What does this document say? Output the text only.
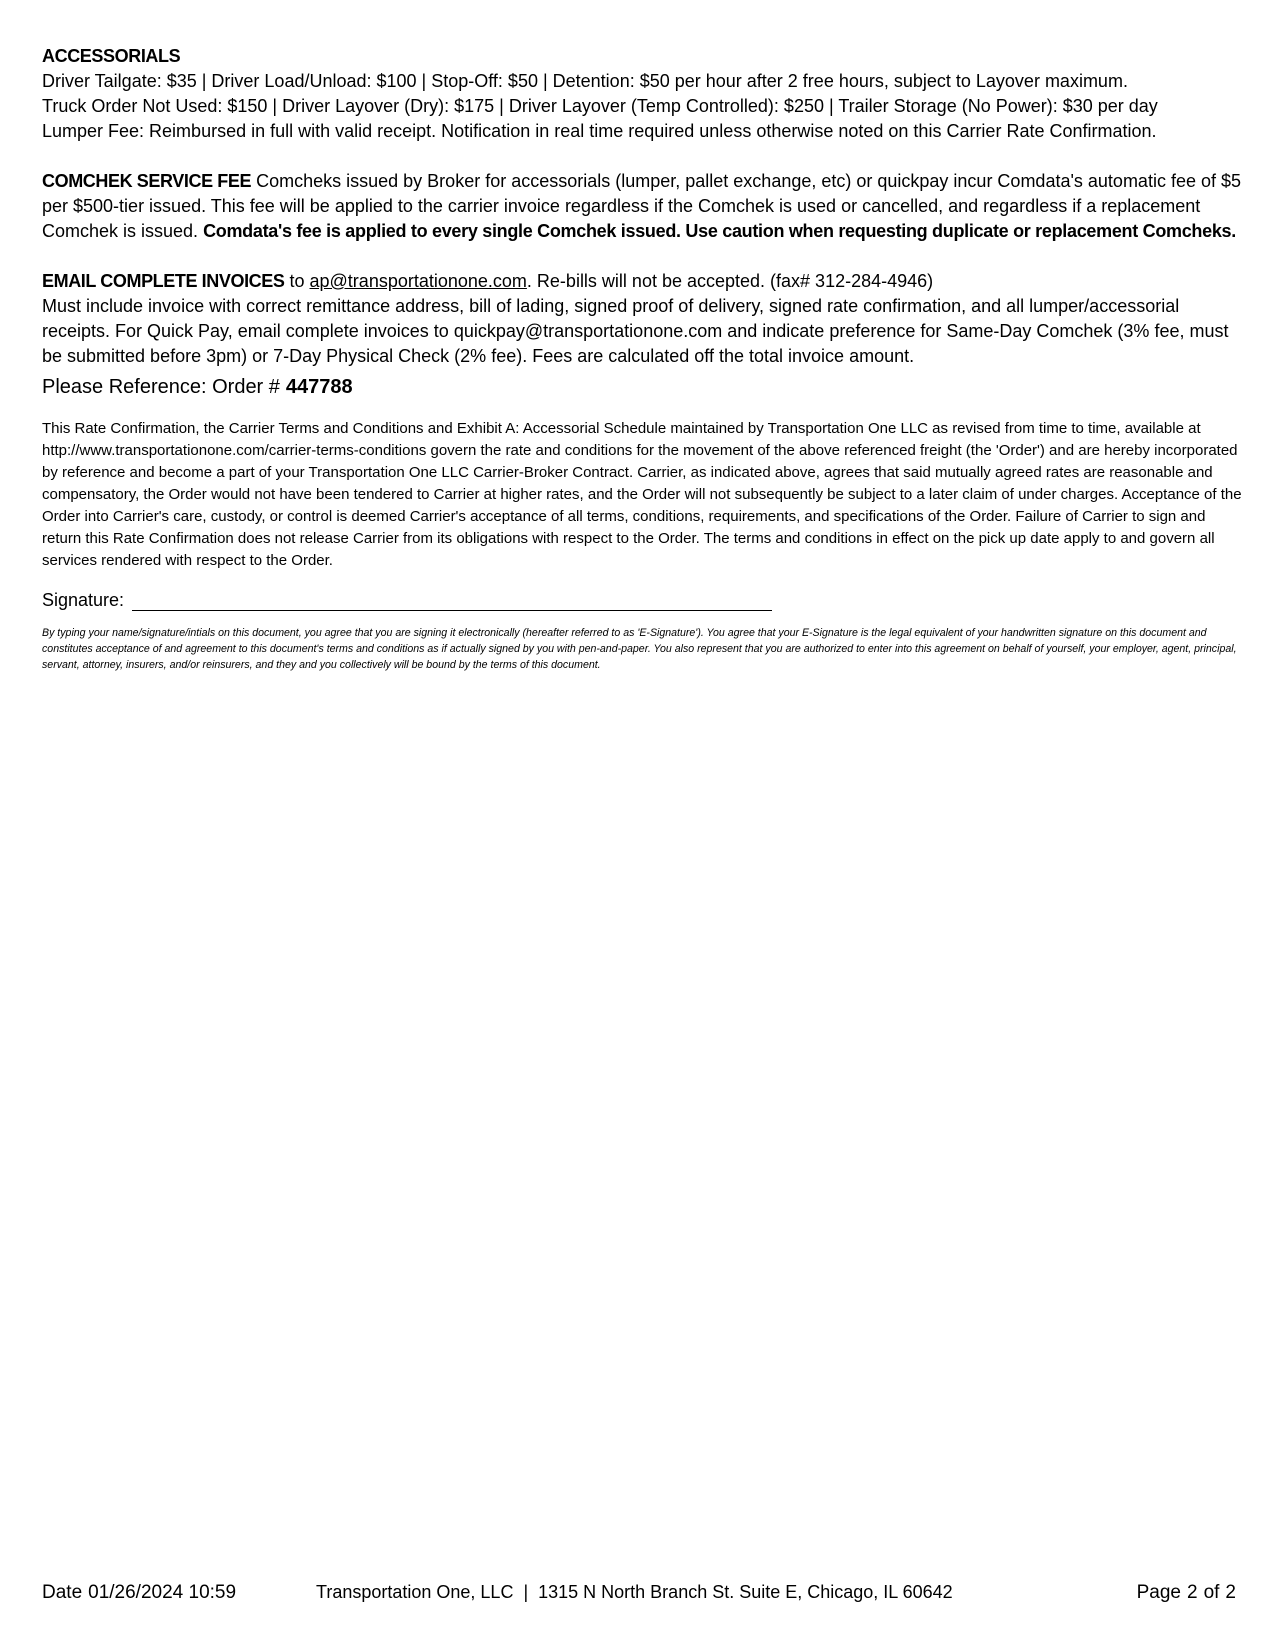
ACCESSORIALS
Driver Tailgate: $35 | Driver Load/Unload: $100 | Stop-Off: $50 | Detention: $50 per hour after 2 free hours, subject to Layover maximum.
Truck Order Not Used: $150 | Driver Layover (Dry): $175 | Driver Layover (Temp Controlled): $250 | Trailer Storage (No Power): $30 per day
Lumper Fee: Reimbursed in full with valid receipt. Notification in real time required unless otherwise noted on this Carrier Rate Confirmation.

COMCHEK SERVICE FEE Comcheks issued by Broker for accessorials (lumper, pallet exchange, etc) or quickpay incur Comdata's automatic fee of $5 per $500-tier issued. This fee will be applied to the carrier invoice regardless if the Comchek is used or cancelled, and regardless if a replacement Comchek is issued. Comdata's fee is applied to every single Comchek issued. Use caution when requesting duplicate or replacement Comcheks.

EMAIL COMPLETE INVOICES to ap@transportationone.com. Re-bills will not be accepted. (fax# 312-284-4946)
Must include invoice with correct remittance address, bill of lading, signed proof of delivery, signed rate confirmation, and all lumper/accessorial receipts. For Quick Pay, email complete invoices to quickpay@transportationone.com and indicate preference for Same-Day Comchek (3% fee, must be submitted before 3pm) or 7-Day Physical Check (2% fee). Fees are calculated off the total invoice amount.
Please Reference: Order # 447788
This Rate Confirmation, the Carrier Terms and Conditions and Exhibit A: Accessorial Schedule maintained by Transportation One LLC as revised from time to time, available at http://www.transportationone.com/carrier-terms-conditions govern the rate and conditions for the movement of the above referenced freight (the 'Order') and are hereby incorporated by reference and become a part of your Transportation One LLC Carrier-Broker Contract. Carrier, as indicated above, agrees that said mutually agreed rates are reasonable and compensatory, the Order would not have been tendered to Carrier at higher rates, and the Order will not subsequently be subject to a later claim of under charges. Acceptance of the Order into Carrier's care, custody, or control is deemed Carrier's acceptance of all terms, conditions, requirements, and specifications of the Order. Failure of Carrier to sign and return this Rate Confirmation does not release Carrier from its obligations with respect to the Order. The terms and conditions in effect on the pick up date apply to and govern all services rendered with respect to the Order.
Signature:
By typing your name/signature/intials on this document, you agree that you are signing it electronically (hereafter referred to as 'E-Signature'). You agree that your E-Signature is the legal equivalent of your handwritten signature on this document and constitutes acceptance of and agreement to this document's terms and conditions as if actually signed by you with pen-and-paper. You also represent that you are authorized to enter into this agreement on behalf of yourself, your employer, agent, principal, servant, attorney, insurers, and/or reinsurers, and they and you collectively will be bound by the terms of this document.
Date 01/26/2024 10:59	Transportation One, LLC  |  1315 N North Branch St. Suite E, Chicago, IL 60642	Page 2 of 2
